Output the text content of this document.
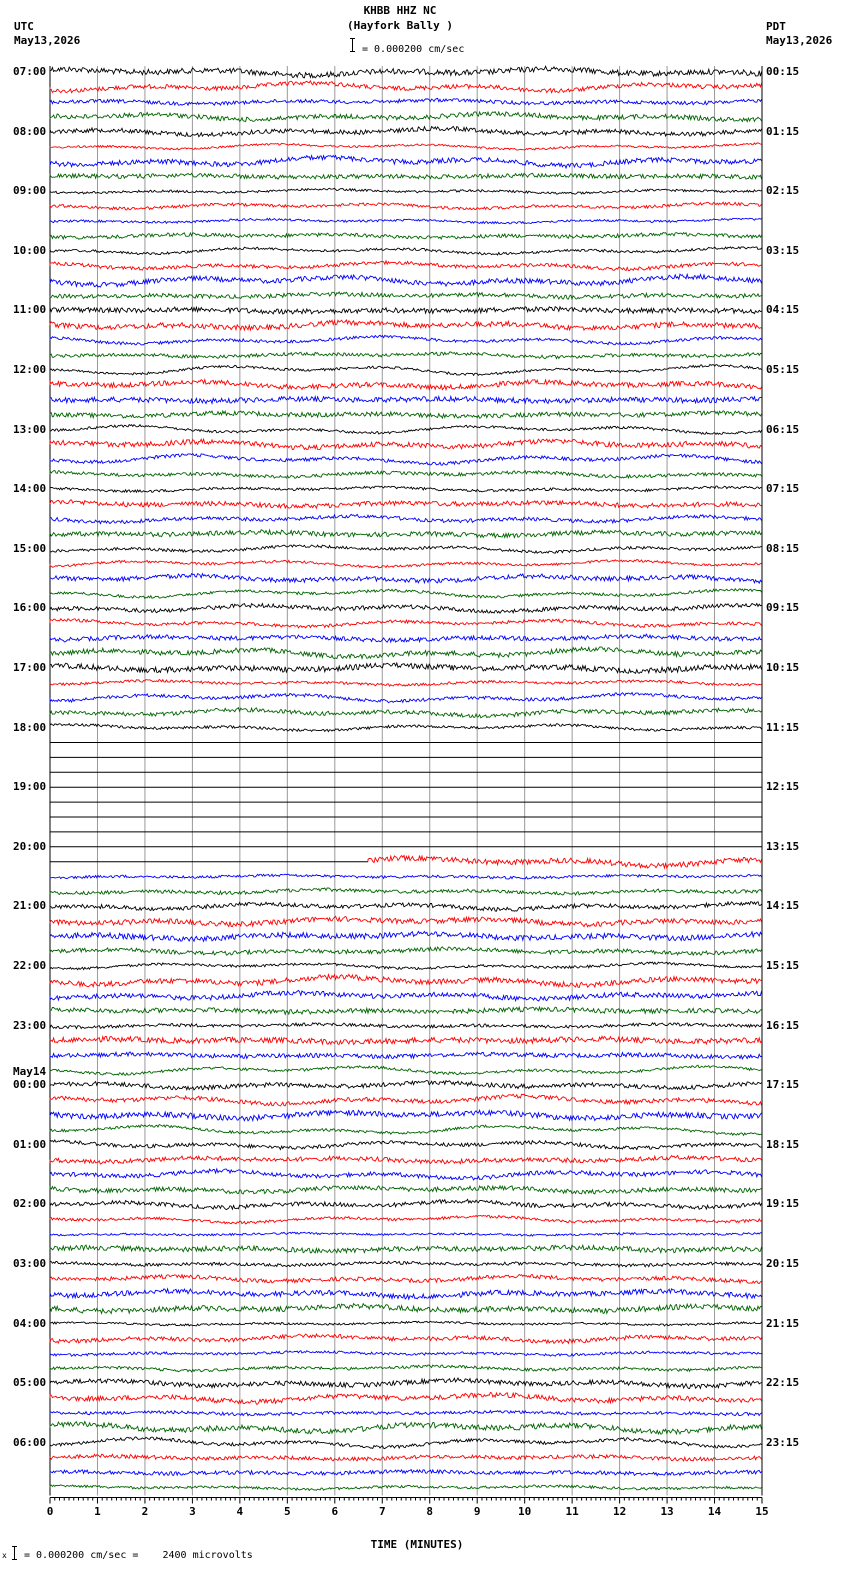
KHBB HHZ NC
(Hayfork Bally )
= 0.000200 cm/sec
UTC
May13,2026
PDT
May13,2026
07:00
08:00
09:00
10:00
11:00
12:00
13:00
14:00
15:00
16:00
17:00
18:00
19:00
20:00
21:00
22:00
23:00
00:00
May14
01:00
02:00
03:00
04:00
05:00
06:00
00:15
01:15
02:15
03:15
04:15
05:15
06:15
07:15
08:15
09:15
10:15
11:15
12:15
13:15
14:15
15:15
16:15
17:15
18:15
19:15
20:15
21:15
22:15
23:15
0	1	2	3	4	5	6	7	8	9	10	11	12	13	14	15
TIME (MINUTES)
x = 0.000200 cm/sec =    2400 microvolts
